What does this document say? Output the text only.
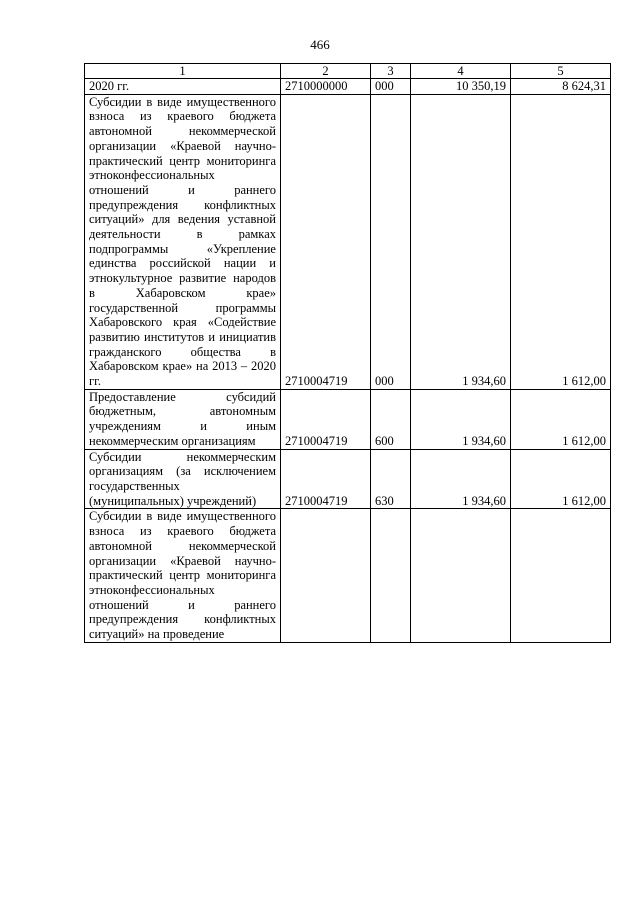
466
1	2	3	4	5
2020 гг.	2710000000	000	10 350,19	8 624,31
Субсидии в виде имущественного взноса из краевого бюджета автономной некоммерческой организации «Краевой научно-практический центр мониторинга этноконфессиональных отношений и раннего предупреждения конфликтных ситуаций» для ведения уставной деятельности в рамках подпрограммы «Укрепление единства российской нации и этнокультурное развитие народов в Хабаровском крае» государственной программы Хабаровского края «Содействие развитию институтов и инициатив гражданского общества в Хабаровском крае» на 2013 – 2020 гг.	2710004719	000	1 934,60	1 612,00
Предоставление субсидий бюджетным, автономным учреждениям и иным некоммерческим организациям	2710004719	600	1 934,60	1 612,00
Субсидии некоммерческим организациям (за исключением государственных (муниципальных) учреждений)	2710004719	630	1 934,60	1 612,00
Субсидии в виде имущественного взноса из краевого бюджета автономной некоммерческой организации «Краевой научно-практический центр мониторинга этноконфессиональных отношений и раннего предупреждения конфликтных ситуаций» на проведение				
